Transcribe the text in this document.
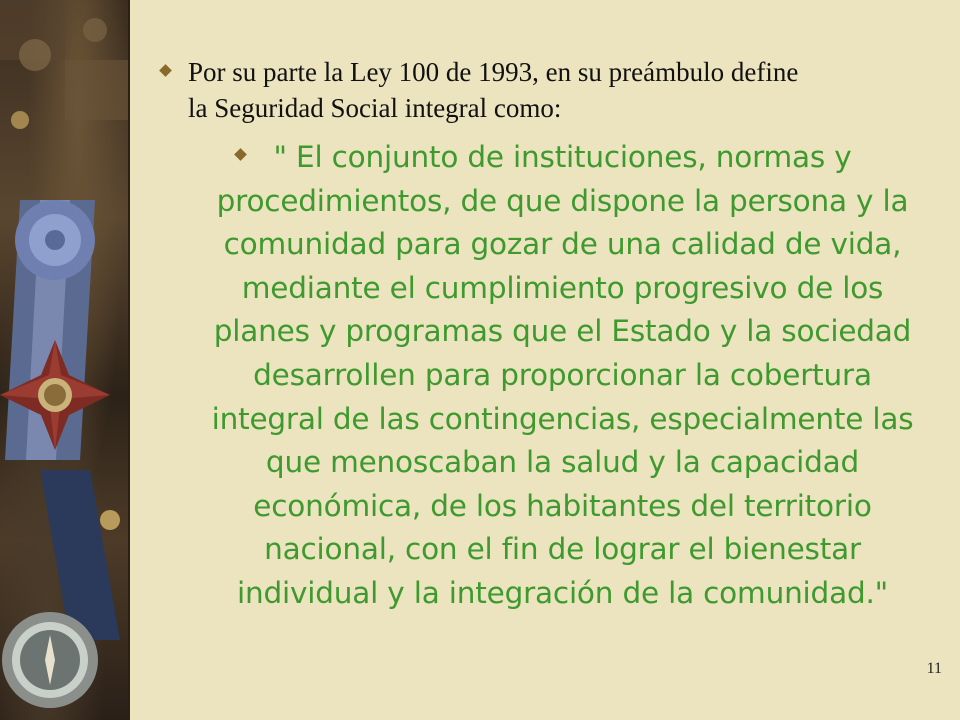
Por su parte la Ley 100 de 1993, en su preámbulo define
la Seguridad Social integral como:
" El conjunto de instituciones, normas y
procedimientos, de que dispone la persona y la
comunidad para gozar de una calidad de vida,
mediante el cumplimiento progresivo de los
planes y programas que el Estado y la sociedad
desarrollen para proporcionar la cobertura
integral de las contingencias, especialmente las
que menoscaban la salud y la capacidad
económica, de los habitantes del territorio
nacional, con el fin de lograr el bienestar
individual y la integración de la comunidad."
11
